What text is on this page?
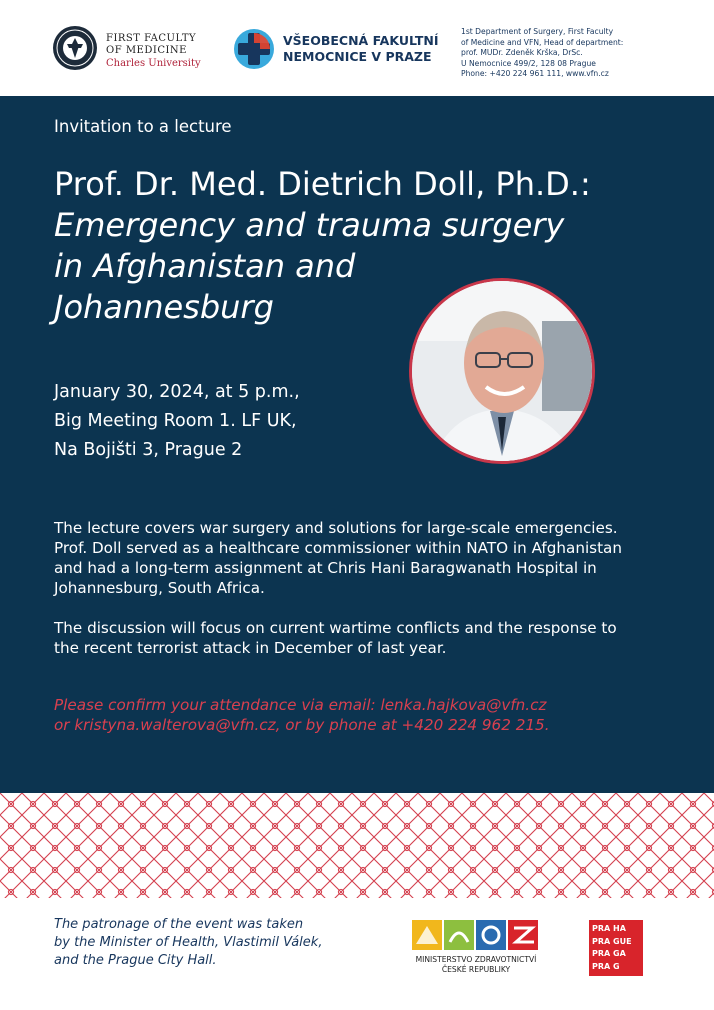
FIRST FACULTY
OF MEDICINE
Charles University
VŠEOBECNÁ FAKULTNÍ
NEMOCNICE V PRAZE
1st Department of Surgery, First Faculty
of Medicine and VFN, Head of department:
prof. MUDr. Zdeněk Krška, DrSc.
U Nemocnice 499/2, 128 08 Prague
Phone: +420 224 961 111, www.vfn.cz
Invitation to a lecture
Prof. Dr. Med. Dietrich Doll, Ph.D.:
Emergency and trauma surgery
in Afghanistan and
Johannesburg
January 30, 2024, at 5 p.m.,
Big Meeting Room 1. LF UK,
Na Bojišti 3, Prague 2

The lecture covers war surgery and solutions for large-scale emergencies. Prof. Doll served as a healthcare commissioner within NATO in Afghanistan and had a long-term assignment at Chris Hani Baragwanath Hospital in Johannesburg, South Africa.

The discussion will focus on current wartime conflicts and the response to the recent terrorist attack in December of last year.

Please confirm your attendance via email: lenka.hajkova@vfn.cz
or kristyna.walterova@vfn.cz, or by phone at +420 224 962 215.
The patronage of the event was taken
by the Minister of Health, Vlastimil Válek,
and the Prague City Hall.	MINISTERSTVO ZDRAVOTNICTVÍ
ČESKÉ REPUBLIKY
PRA HA
PRA GUE
PRA GA
PRA G
